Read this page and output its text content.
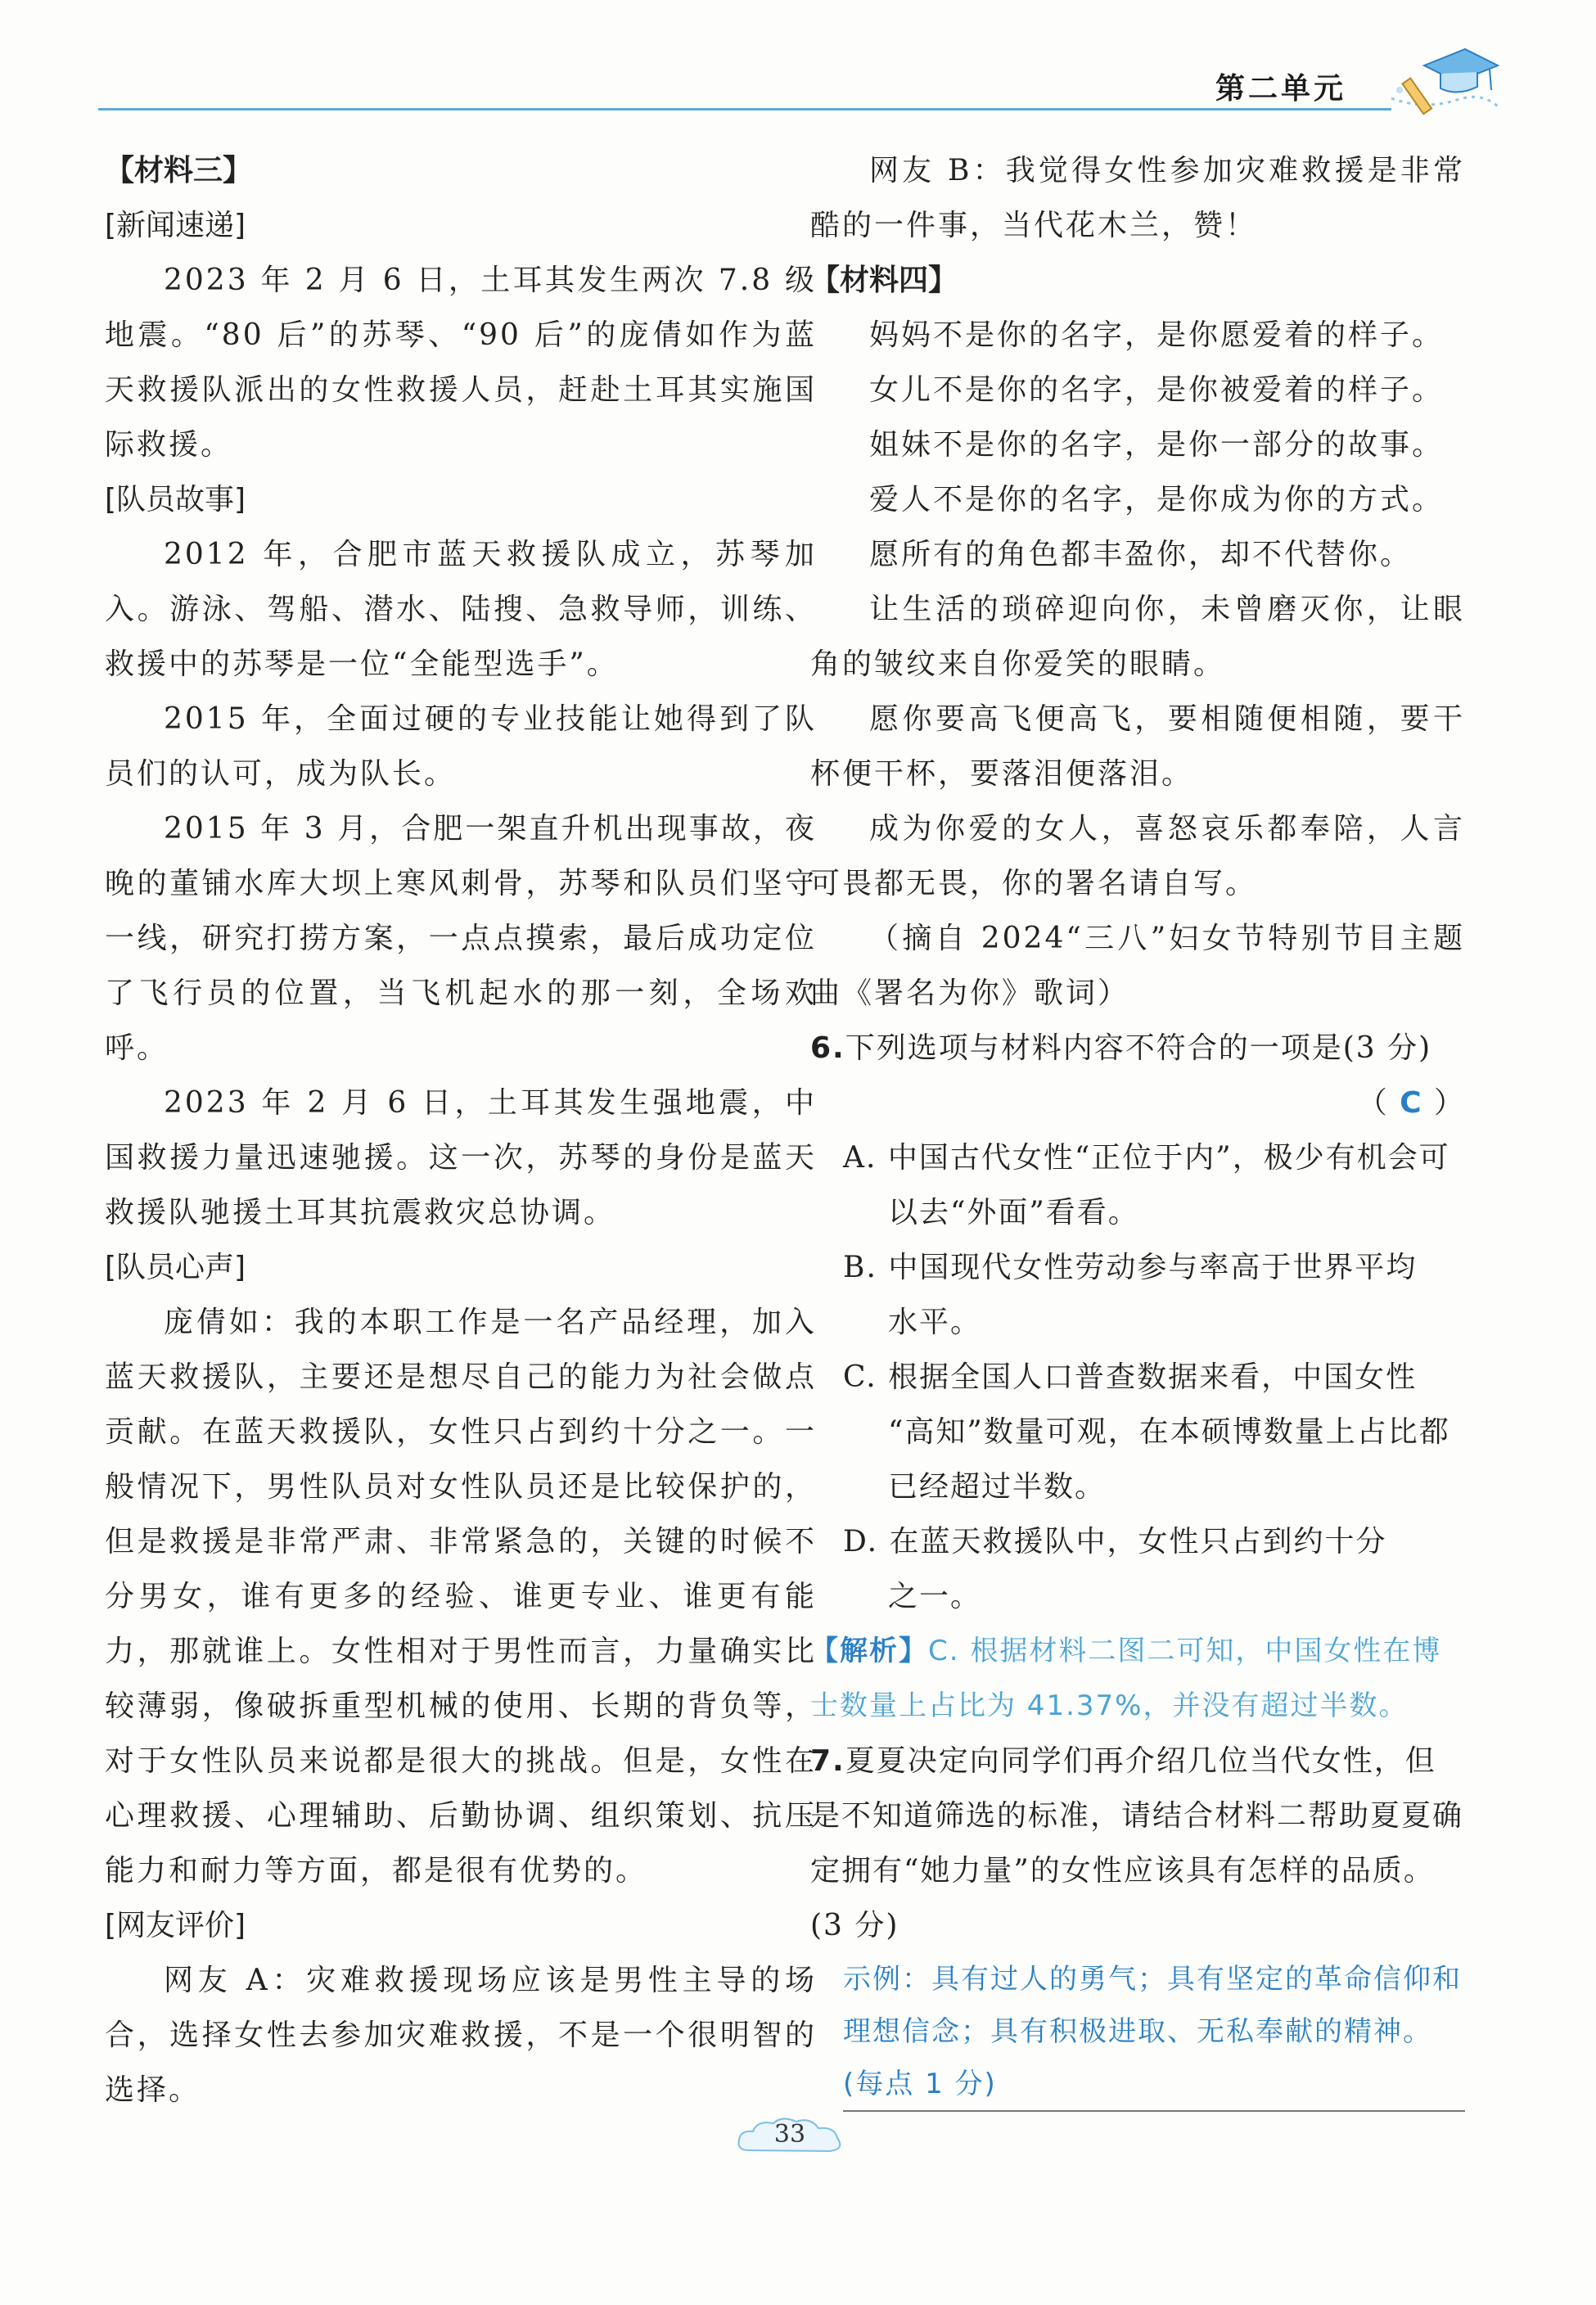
第二单元

【材料三】

[新闻速递]

2023 年 2 月 6 日，土耳其发生两次 7.8 级地震。“80 后”的苏琴、“90 后”的庞倩如作为蓝天救援队派出的女性救援人员，赶赴土耳其实施国际救援。

[队员故事]

2012 年，合肥市蓝天救援队成立，苏琴加入。游泳、驾船、潜水、陆搜、急救导师，训练、救援中的苏琴是一位“全能型选手”。

2015 年，全面过硬的专业技能让她得到了队员们的认可，成为队长。

2015 年 3 月，合肥一架直升机出现事故，夜晚的董铺水库大坝上寒风刺骨，苏琴和队员们坚守一线，研究打捞方案，一点点摸索，最后成功定位了飞行员的位置，当飞机起水的那一刻，全场欢呼。

2023 年 2 月 6 日，土耳其发生强地震，中国救援力量迅速驰援。这一次，苏琴的身份是蓝天救援队驰援土耳其抗震救灾总协调。

[队员心声]

庞倩如：我的本职工作是一名产品经理，加入蓝天救援队，主要还是想尽自己的能力为社会做点贡献。在蓝天救援队，女性只占到约十分之一。一般情况下，男性队员对女性队员还是比较保护的，但是救援是非常严肃、非常紧急的，关键的时候不分男女，谁有更多的经验、谁更专业、谁更有能力，那就谁上。女性相对于男性而言，力量确实比较薄弱，像破拆重型机械的使用、长期的背负等，对于女性队员来说都是很大的挑战。但是，女性在心理救援、心理辅助、后勤协调、组织策划、抗压能力和耐力等方面，都是很有优势的。

[网友评价]

网友 A：灾难救援现场应该是男性主导的场合，选择女性去参加灾难救援，不是一个很明智的选择。

网友 B：我觉得女性参加灾难救援是非常酷的一件事，当代花木兰，赞！

【材料四】

妈妈不是你的名字，是你愿爱着的样子。

女儿不是你的名字，是你被爱着的样子。

姐妹不是你的名字，是你一部分的故事。

爱人不是你的名字，是你成为你的方式。

愿所有的角色都丰盈你，却不代替你。

让生活的琐碎迎向你，未曾磨灭你，让眼角的皱纹来自你爱笑的眼睛。

愿你要高飞便高飞，要相随便相随，要干杯便干杯，要落泪便落泪。

成为你爱的女人，喜怒哀乐都奉陪，人言可畏都无畏，你的署名请自写。

（摘自 2024“三八”妇女节特别节目主题曲《署名为你》歌词）

6.下列选项与材料内容不符合的一项是(3 分)

（ C ）

A. 中国古代女性“正位于内”，极少有机会可

以去“外面”看看。

B. 中国现代女性劳动参与率高于世界平均

水平。

C. 根据全国人口普查数据来看，中国女性

“高知”数量可观，在本硕博数量上占比都已经超过半数。

D. 在蓝天救援队中，女性只占到约十分

之一。

【解析】C. 根据材料二图二可知，中国女性在博士数量上占比为 41.37%，并没有超过半数。

7.夏夏决定向同学们再介绍几位当代女性，但是不知道筛选的标准，请结合材料二帮助夏夏确定拥有“她力量”的女性应该具有怎样的品质。(3 分)

示例：具有过人的勇气；具有坚定的革命信仰和理想信念；具有积极进取、无私奉献的精神。(每点 1 分)

33
